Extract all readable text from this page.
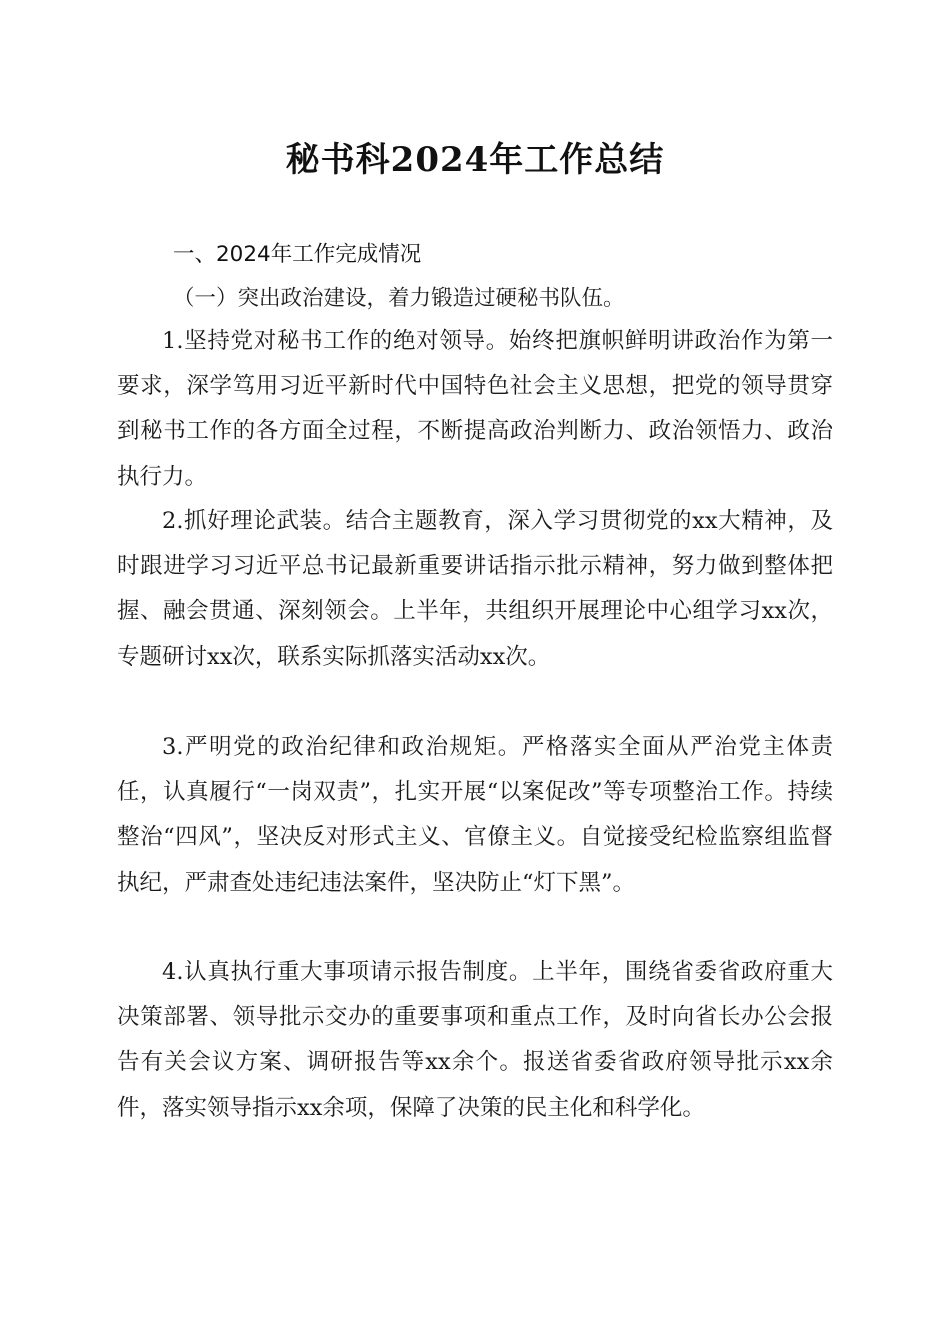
秘书科2024年工作总结
一、2024年工作完成情况
（一）突出政治建设，着力锻造过硬秘书队伍。

1.坚持党对秘书工作的绝对领导。始终把旗帜鲜明讲政治作为第一要求，深学笃用习近平新时代中国特色社会主义思想，把党的领导贯穿到秘书工作的各方面全过程，不断提高政治判断力、政治领悟力、政治执行力。

2.抓好理论武装。结合主题教育，深入学习贯彻党的xx大精神，及时跟进学习习近平总书记最新重要讲话指示批示精神，努力做到整体把握、融会贯通、深刻领会。上半年，共组织开展理论中心组学习xx次，专题研讨xx次，联系实际抓落实活动xx次。

3.严明党的政治纪律和政治规矩。严格落实全面从严治党主体责任，认真履行“一岗双责”，扎实开展“以案促改”等专项整治工作。持续整治“四风”，坚决反对形式主义、官僚主义。自觉接受纪检监察组监督执纪，严肃查处违纪违法案件，坚决防止“灯下黑”。

4.认真执行重大事项请示报告制度。上半年，围绕省委省政府重大决策部署、领导批示交办的重要事项和重点工作，及时向省长办公会报告有关会议方案、调研报告等xx余个。报送省委省政府领导批示xx余件，落实领导指示xx余项，保障了决策的民主化和科学化。
